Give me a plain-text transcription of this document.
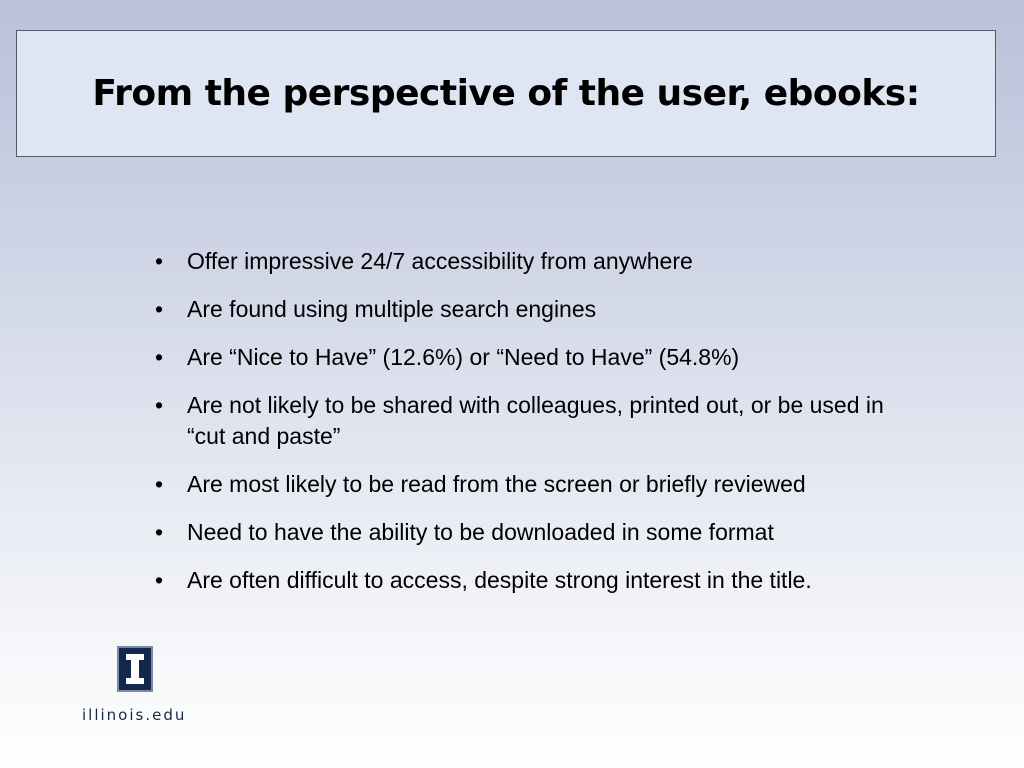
From the perspective of the user, ebooks:
•	Offer impressive 24/7 accessibility from anywhere
•	Are found using multiple search engines
•	Are “Nice to Have” (12.6%) or “Need to Have” (54.8%)
•	Are not likely to be shared with colleagues, printed out, or be used in “cut and paste”
•	Are most likely to be read from the screen or briefly reviewed
•	Need to have the ability to be downloaded in some format
•	Are often difficult to access, despite strong interest in the title.
illinois.edu
